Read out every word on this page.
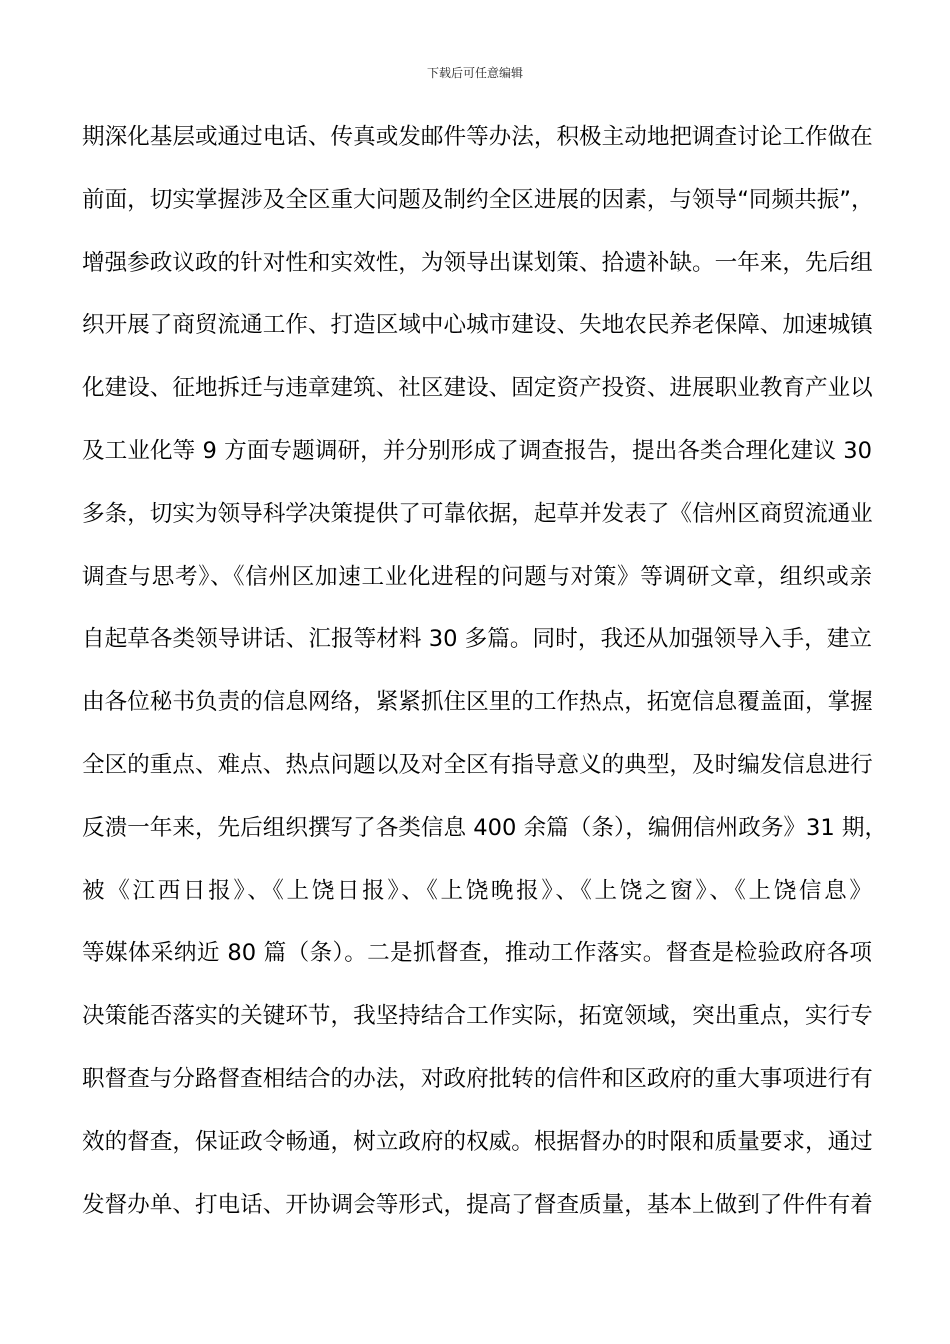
下载后可任意编辑
期深化基层或通过电话、传真或发邮件等办法，积极主动地把调查讨论工作做在
前面，切实掌握涉及全区重大问题及制约全区进展的因素，与领导“同频共振”，
增强参政议政的针对性和实效性，为领导出谋划策、拾遗补缺。一年来，先后组
织开展了商贸流通工作、打造区域中心城市建设、失地农民养老保障、加速城镇
化建设、征地拆迁与违章建筑、社区建设、固定资产投资、进展职业教育产业以
及工业化等 9 方面专题调研，并分别形成了调查报告，提出各类合理化建议 30
多条，切实为领导科学决策提供了可靠依据，起草并发表了《信州区商贸流通业
调查与思考》、《信州区加速工业化进程的问题与对策》等调研文章，组织或亲
自起草各类领导讲话、汇报等材料 30 多篇。同时，我还从加强领导入手，建立
由各位秘书负责的信息网络，紧紧抓住区里的工作热点，拓宽信息覆盖面，掌握
全区的重点、难点、热点问题以及对全区有指导意义的典型，及时编发信息进行
反溃一年来，先后组织撰写了各类信息 400 余篇（条），编佣信州政务》31 期，
被《江西日报》、《上饶日报》、《上饶晚报》、《上饶之窗》、《上饶信息》
等媒体采纳近 80 篇（条）。二是抓督查，推动工作落实。督查是检验政府各项
决策能否落实的关键环节，我坚持结合工作实际，拓宽领域，突出重点，实行专
职督查与分路督查相结合的办法，对政府批转的信件和区政府的重大事项进行有
效的督查，保证政令畅通，树立政府的权威。根据督办的时限和质量要求，通过
发督办单、打电话、开协调会等形式，提高了督查质量，基本上做到了件件有着
